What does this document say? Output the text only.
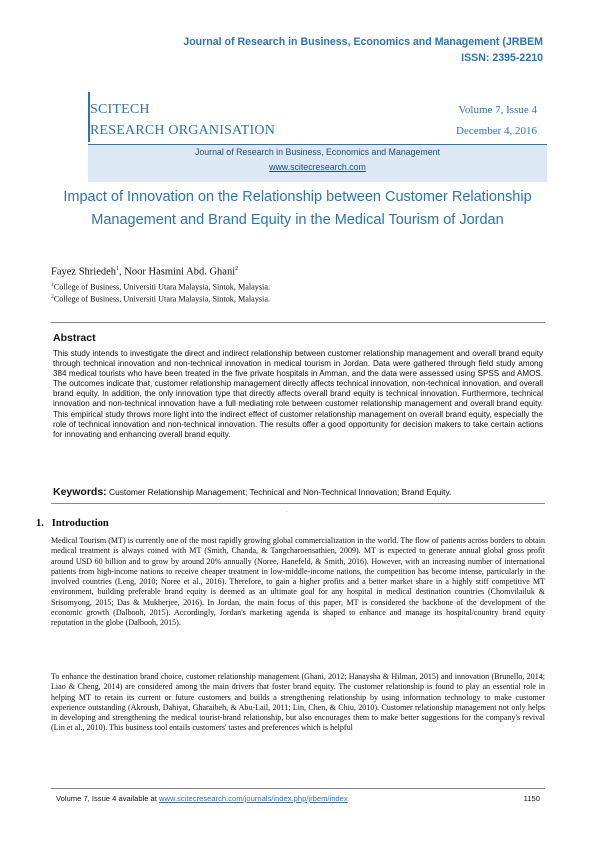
Journal of Research in Business, Economics and Management (JRBEM
ISSN: 2395-2210
SCITECH
RESEARCH ORGANISATION
Volume 7, Issue 4
December 4, 2016
Journal of Research in Business, Economics and Management
www.scitecresearch.com
Impact of Innovation on the Relationship between Customer Relationship Management and Brand Equity in the Medical Tourism of Jordan
Fayez Shriedeh$^1$, Noor Hasmini Abd. Ghani$^2$
$^1$College of Business, Universiti Utara Malaysia, Sintok, Malaysia.
$^2$College of Business, Universiti Utara Malaysia, Sintok, Malaysia.
Abstract
This study intends to investigate the direct and indirect relationship between customer relationship management and overall brand equity through technical innovation and non-technical innovation in medical tourism in Jordan. Data were gathered through field study among 384 medical tourists who have been treated in the five private hospitals in Amman, and the data were assessed using SPSS and AMOS. The outcomes indicate that, customer relationship management directly affects technical innovation, non-technical innovation, and overall brand equity. In addition, the only innovation type that directly affects overall brand equity is technical innovation. Furthermore, technical innovation and non-technical innovation have a full mediating role between customer relationship management and overall brand equity. This empirical study throws more light into the indirect effect of customer relationship management on overall brand equity, especially the role of technical innovation and non-technical innovation. The results offer a good opportunity for decision makers to take certain actions for innovating and enhancing overall brand equity.
Keywords: Customer Relationship Management; Technical and Non-Technical Innovation; Brand Equity.
.
1. Introduction
Medical Tourism (MT) is currently one of the most rapidly growing global commercialization in the world. The flow of patients across borders to obtain medical treatment is always coined with MT (Smith, Chanda, & Tangcharoensathien, 2009). MT is expected to generate annual global gross profit around USD 60 billion and to grow by around 20% annually (Noree, Hanefeld, & Smith, 2016). However, with an increasing number of international patients from high-income nations to receive cheaper treatment in low-middle-income nations, the competition has become intense, particularly in the involved countries (Leng, 2010; Noree et al., 2016). Therefore, to gain a higher profits and a better market share in a highly stiff competitive MT environment, building preferable brand equity is deemed as an ultimate goal for any hospital in medical destination countries (Chomvilailuk & Srisomyong, 2015; Das & Mukherjee, 2016). In Jordan, the main focus of this paper, MT is considered the backbone of the development of the economic growth (Dalbooh, 2015). Accordingly, Jordan's marketing agenda is shaped to enhance and manage its hospital/country brand equity reputation in the globe (Dalbooh, 2015).
To enhance the destination brand choice, customer relationship management (Ghani, 2012; Hanaysha & Hilman, 2015) and innovation (Brunello, 2014; Liao & Cheng, 2014) are considered among the main drivers that foster brand equity. The customer relationship is found to play an essential role in helping MT to retain its current or future customers and builds a strengthening relationship by using information technology to make customer experience outstanding (Akroush, Dahiyat, Gharaibeh, & Abu-Lail, 2011; Lin, Chen, & Chiu, 2010). Customer relationship management not only helps in developing and strengthening the medical tourist-brand relationship, but also encourages them to make better suggestions for the company's revival (Lin et al., 2010). This business tool entails customers' tastes and preferences which is helpful
Volume 7, Issue 4 available at www.scitecresearch.com/journals/index.php/jrbem/index	1150
